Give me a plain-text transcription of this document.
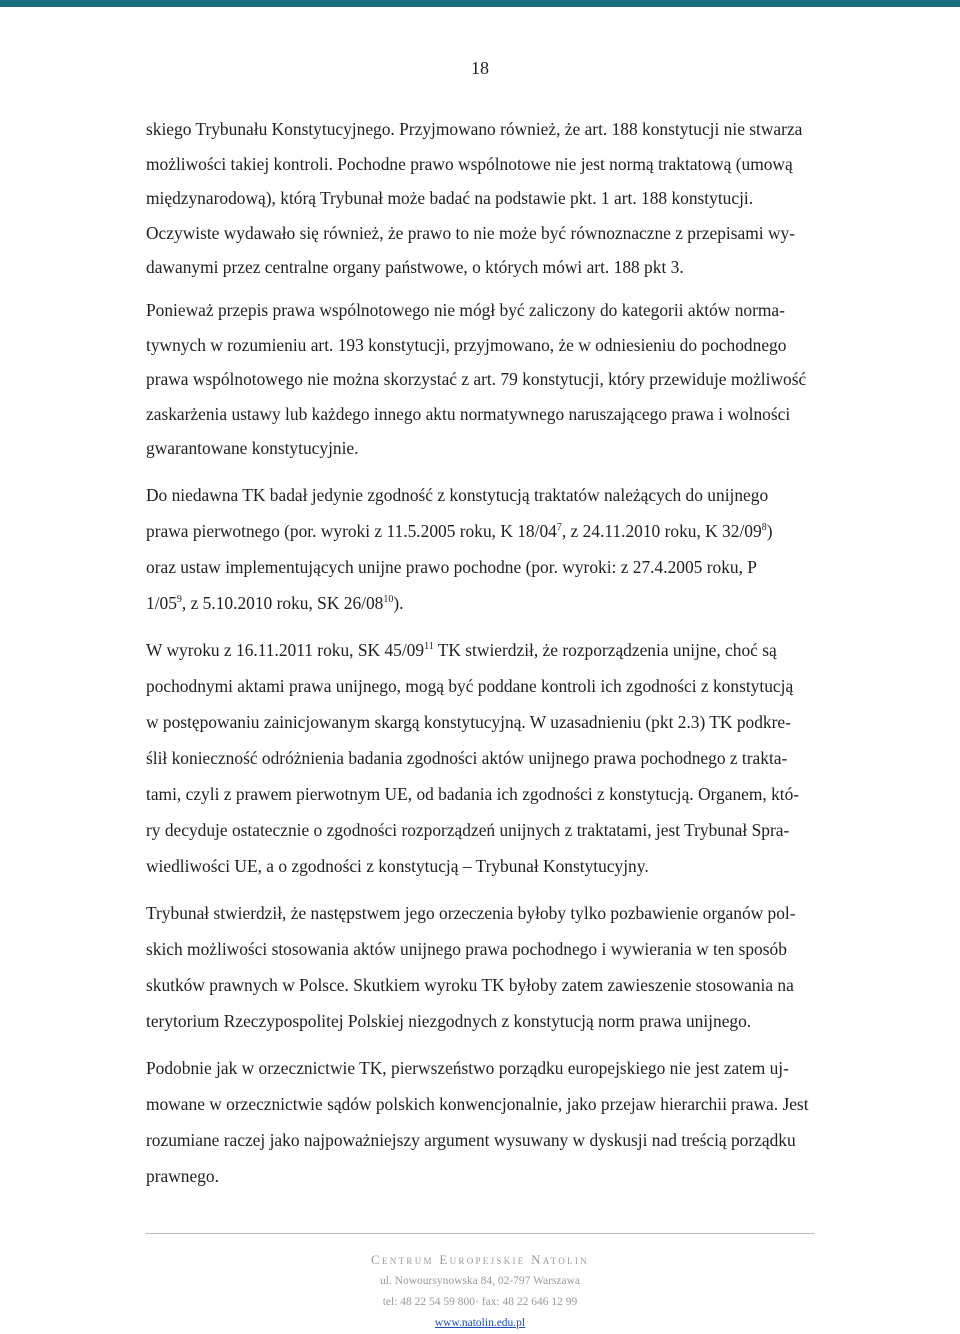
18
skiego Trybunału Konstytucyjnego. Przyjmowano również, że art. 188 konstytucji nie stwarza
możliwości takiej kontroli. Pochodne prawo wspólnotowe nie jest normą traktatową (umową
międzynarodową), którą Trybunał może badać na podstawie pkt. 1 art. 188 konstytucji.
Oczywiste wydawało się również, że prawo to nie może być równoznaczne z przepisami wy-
dawanymi przez centralne organy państwowe, o których mówi art. 188 pkt 3.
Ponieważ przepis prawa wspólnotowego nie mógł być zaliczony do kategorii aktów norma-
tywnych w rozumieniu art. 193 konstytucji, przyjmowano, że w odniesieniu do pochodnego
prawa wspólnotowego nie można skorzystać z art. 79 konstytucji, który przewiduje możliwość
zaskarżenia ustawy lub każdego innego aktu normatywnego naruszającego prawa i wolności
gwarantowane konstytucyjnie.
Do niedawna TK badał jedynie zgodność z konstytucją traktatów należących do unijnego
prawa pierwotnego (por. wyroki z 11.5.2005 roku, K $18/04^7$, z 24.11.2010 roku, K $32/09^8$)
oraz ustaw implementujących unijne prawo pochodne (por. wyroki: z 27.4.2005 roku, P
$1/05^9$, z 5.10.2010 roku, SK $26/08^{10}$).
W wyroku z 16.11.2011 roku, SK $45/09^{11}$ TK stwierdził, że rozporządzenia unijne, choć są
pochodnymi aktami prawa unijnego, mogą być poddane kontroli ich zgodności z konstytucją
w postępowaniu zainicjowanym skargą konstytucyjną. W uzasadnieniu (pkt 2.3) TK podkre-
ślił konieczność odróżnienia badania zgodności aktów unijnego prawa pochodnego z trakta-
tami, czyli z prawem pierwotnym UE, od badania ich zgodności z konstytucją. Organem, któ-
ry decyduje ostatecznie o zgodności rozporządzeń unijnych z traktatami, jest Trybunał Spra-
wiedliwości UE, a o zgodności z konstytucją – Trybunał Konstytucyjny.
Trybunał stwierdził, że następstwem jego orzeczenia byłoby tylko pozbawienie organów pol-
skich możliwości stosowania aktów unijnego prawa pochodnego i wywierania w ten sposób
skutków prawnych w Polsce. Skutkiem wyroku TK byłoby zatem zawieszenie stosowania na
terytorium Rzeczypospolitej Polskiej niezgodnych z konstytucją norm prawa unijnego.
Podobnie jak w orzecznictwie TK, pierwszeństwo porządku europejskiego nie jest zatem uj-
mowane w orzecznictwie sądów polskich konwencjonalnie, jako przejaw hierarchii prawa. Jest
rozumiane raczej jako najpoważniejszy argument wysuwany w dyskusji nad treścią porządku
prawnego.
Centrum Europejskie Natolin
ul. Nowoursynowska 84, 02-797 Warszawa
tel: 48 22 54 59 800· fax: 48 22 646 12 99
www.natolin.edu.pl
